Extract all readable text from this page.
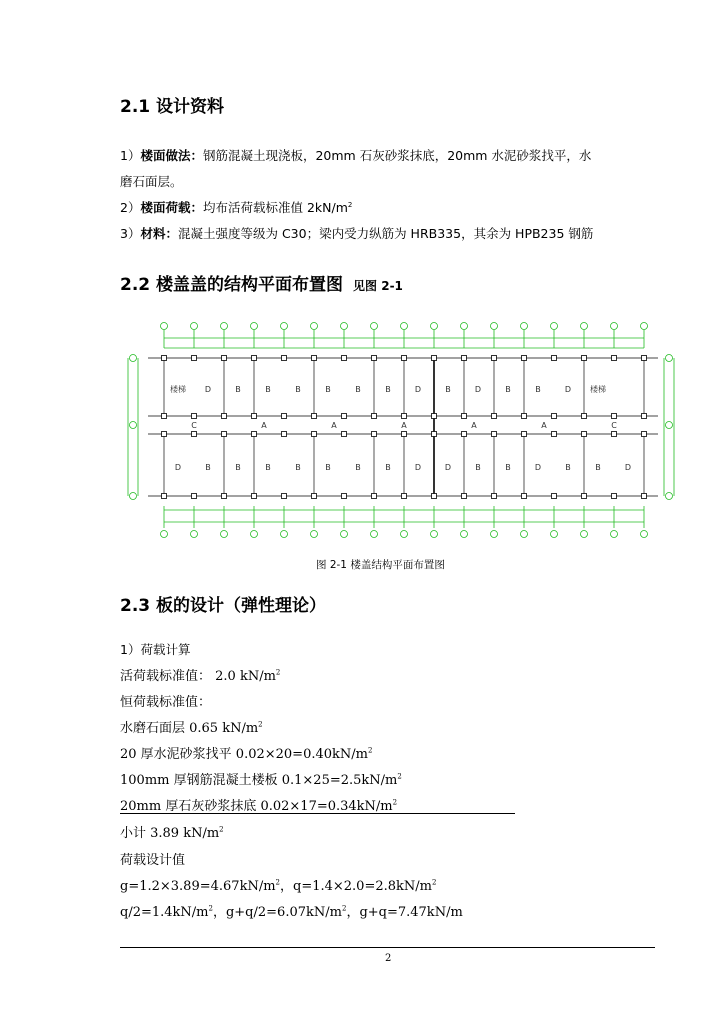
2.1 设计资料
1）楼面做法：钢筋混凝土现浇板，20mm 石灰砂浆抹底，20mm 水泥砂浆找平，水
磨石面层。
2）楼面荷载：均布活荷载标准值 $2kN/m^2$
3）材料：混凝土强度等级为 C30；梁内受力纵筋为 HRB335，其余为 HPB235 钢筋
2.2 楼盖盖的结构平面布置图 见图 2-1
楼梯 D	B	B	B	B	B	B	D	B	D	B	B	D 楼梯
C	A	A	A	A	A	C
D	B	B	B	B	B	B	B	D	D	B	B	D	B	B	D
图 2-1 楼盖结构平面布置图
2.3 板的设计（弹性理论）
1）荷载计算
活荷载标准值： 2.0 $kN/m^2$
恒荷载标准值：
水磨石面层 0.65 $kN/m^2$
20 厚水泥砂浆找平 $0.02\times 20=0.40kN/m^2$
100mm 厚钢筋混凝土楼板 $0.1\times 25=2.5kN/m^2$
20mm 厚石灰砂浆抹底 $0.02\times 17=0.34kN/m^2$
小计 3.89 $kN/m^2$
荷载设计值
$g=1.2\times 3.89=4.67kN/m^2$，$q=1.4\times 2.0=2.8kN/m^2$
$q/2=1.4kN/m^2$，$g+q/2=6.07kN/m^2$，g+q=7.47kN/m
2
